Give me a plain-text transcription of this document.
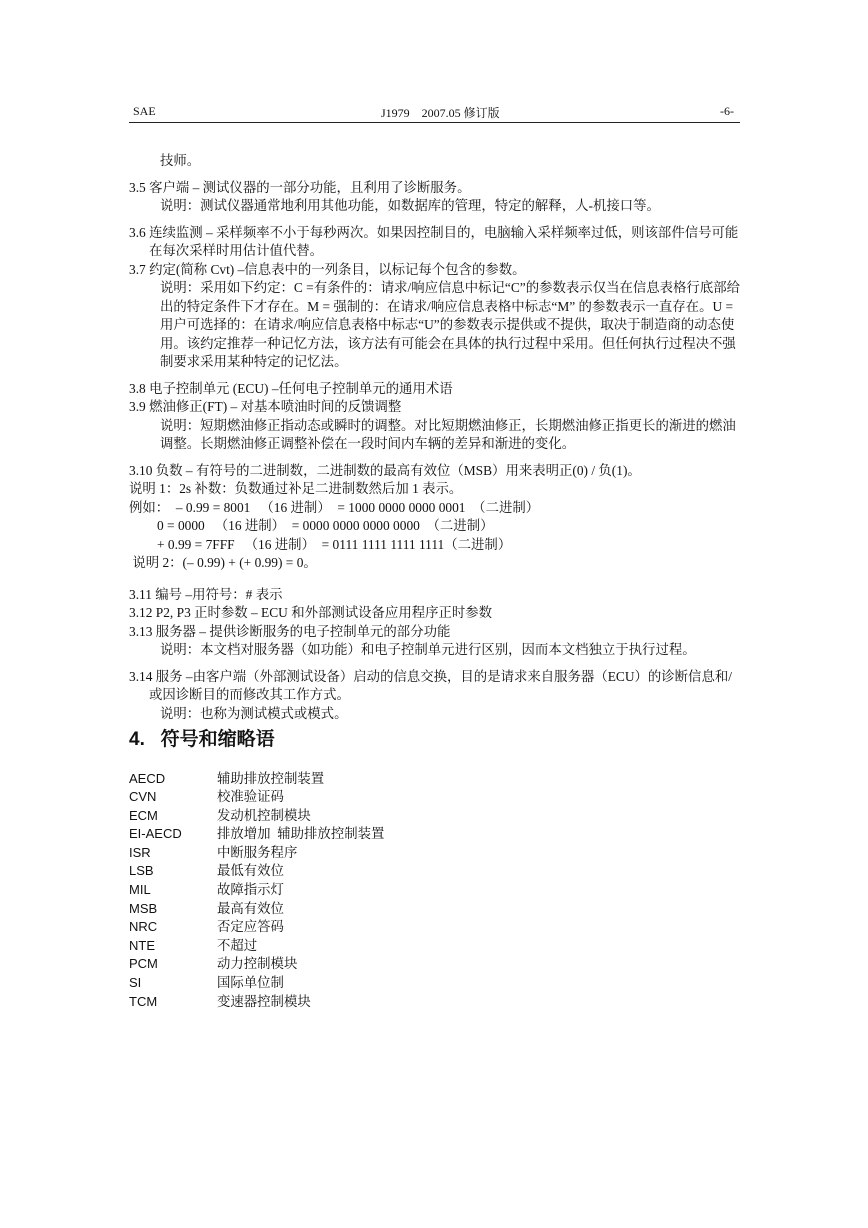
SAE	J1979    2007.05 修订版	-6-

技师。

3.5 客户端 – 测试仪器的一部分功能，且利用了诊断服务。

说明：测试仪器通常地利用其他功能，如数据库的管理，特定的解释，人-机接口等。

3.6 连续监测 – 采样频率不小于每秒两次。如果因控制目的，电脑输入采样频率过低，则该部件信号可能在每次采样时用估计值代替。

3.7 约定(简称 Cvt) –信息表中的一列条目，以标记每个包含的参数。

说明：采用如下约定：C =有条件的：请求/响应信息中标记“C”的参数表示仅当在信息表格行底部给出的特定条件下才存在。M = 强制的：在请求/响应信息表格中标志“M” 的参数表示一直存在。U = 用户可选择的：在请求/响应信息表格中标志“U”的参数表示提供或不提供，取决于制造商的动态使用。该约定推荐一种记忆方法，该方法有可能会在具体的执行过程中采用。但任何执行过程决不强制要求采用某种特定的记忆法。

3.8 电子控制单元 (ECU) –任何电子控制单元的通用术语

3.9 燃油修正(FT) – 对基本喷油时间的反馈调整

说明：短期燃油修正指动态或瞬时的调整。对比短期燃油修正，长期燃油修正指更长的渐进的燃油调整。长期燃油修正调整补偿在一段时间内车辆的差异和渐进的变化。

3.10 负数 – 有符号的二进制数，二进制数的最高有效位（MSB）用来表明正(0) / 负(1)。

说明 1：2s 补数：负数通过补足二进制数然后加 1 表示。

例如：  – 0.99 = 8001   （16 进制）  = 1000 0000 0000 0001  （二进制）

0 = 0000   （16 进制）  = 0000 0000 0000 0000  （二进制）

+ 0.99 = 7FFF   （16 进制）  = 0111 1111 1111 1111（二进制）

说明 2：(– 0.99) + (+ 0.99) = 0。

3.11 编号 –用符号：# 表示

3.12 P2, P3 正时参数 – ECU 和外部测试设备应用程序正时参数

3.13 服务器 – 提供诊断服务的电子控制单元的部分功能

说明：本文档对服务器（如功能）和电子控制单元进行区别，因而本文档独立于执行过程。

3.14 服务 –由客户端（外部测试设备）启动的信息交换，目的是请求来自服务器（ECU）的诊断信息和/或因诊断目的而修改其工作方式。

说明：也称为测试模式或模式。

4.   符号和缩略语
AECD	辅助排放控制装置
CVN	校准验证码
ECM	发动机控制模块
EI-AECD	排放增加  辅助排放控制装置
ISR	中断服务程序
LSB	最低有效位
MIL	故障指示灯
MSB	最高有效位
NRC	否定应答码
NTE	不超过
PCM	动力控制模块
SI	国际单位制
TCM	变速器控制模块
